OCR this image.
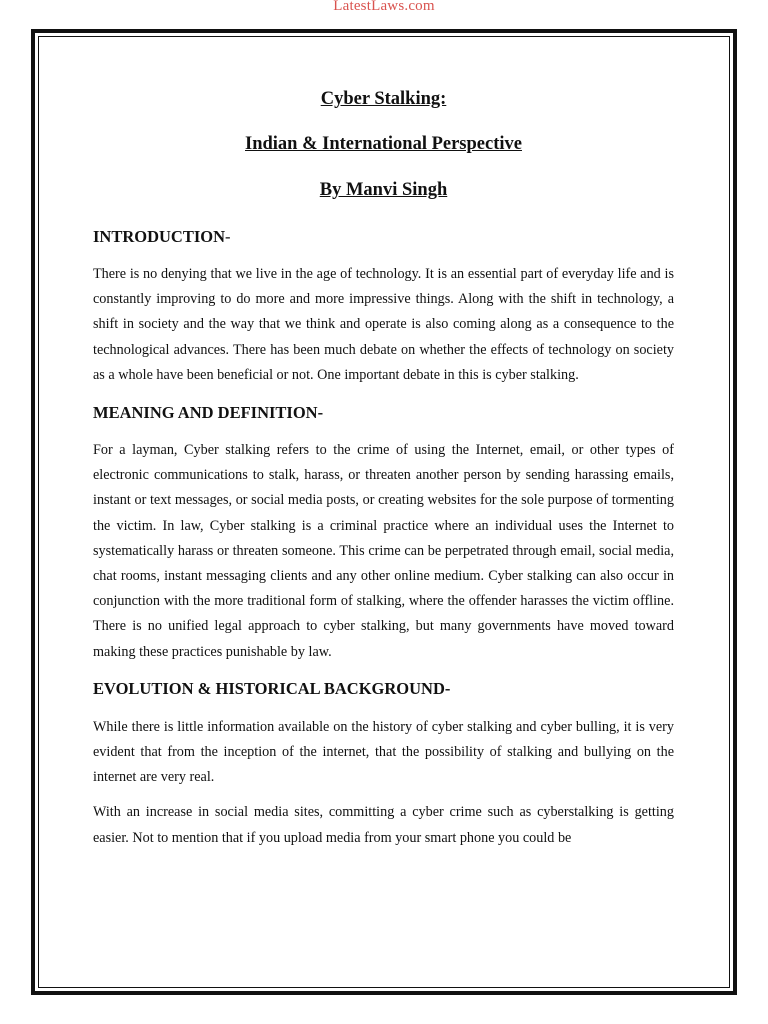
LatestLaws.com

Cyber Stalking:

Indian & International Perspective

By Manvi Singh

INTRODUCTION-

There is no denying that we live in the age of technology. It is an essential part of everyday life and is constantly improving to do more and more impressive things. Along with the shift in technology, a shift in society and the way that we think and operate is also coming along as a consequence to the technological advances. There has been much debate on whether the effects of technology on society as a whole have been beneficial or not. One important debate in this is cyber stalking.

MEANING AND DEFINITION-

For a layman, Cyber stalking refers to the crime of using the Internet, email, or other types of electronic communications to stalk, harass, or threaten another person by sending harassing emails, instant or text messages, or social media posts, or creating websites for the sole purpose of tormenting the victim. In law, Cyber stalking is a criminal practice where an individual uses the Internet to systematically harass or threaten someone. This crime can be perpetrated through email, social media, chat rooms, instant messaging clients and any other online medium. Cyber stalking can also occur in conjunction with the more traditional form of stalking, where the offender harasses the victim offline. There is no unified legal approach to cyber stalking, but many governments have moved toward making these practices punishable by law.

EVOLUTION & HISTORICAL BACKGROUND-

While there is little information available on the history of cyber stalking and cyber bulling, it is very evident that from the inception of the internet, that the possibility of stalking and bullying on the internet are very real.

With an increase in social media sites, committing a cyber crime such as cyberstalking is getting easier. Not to mention that if you upload media from your smart phone you could be
